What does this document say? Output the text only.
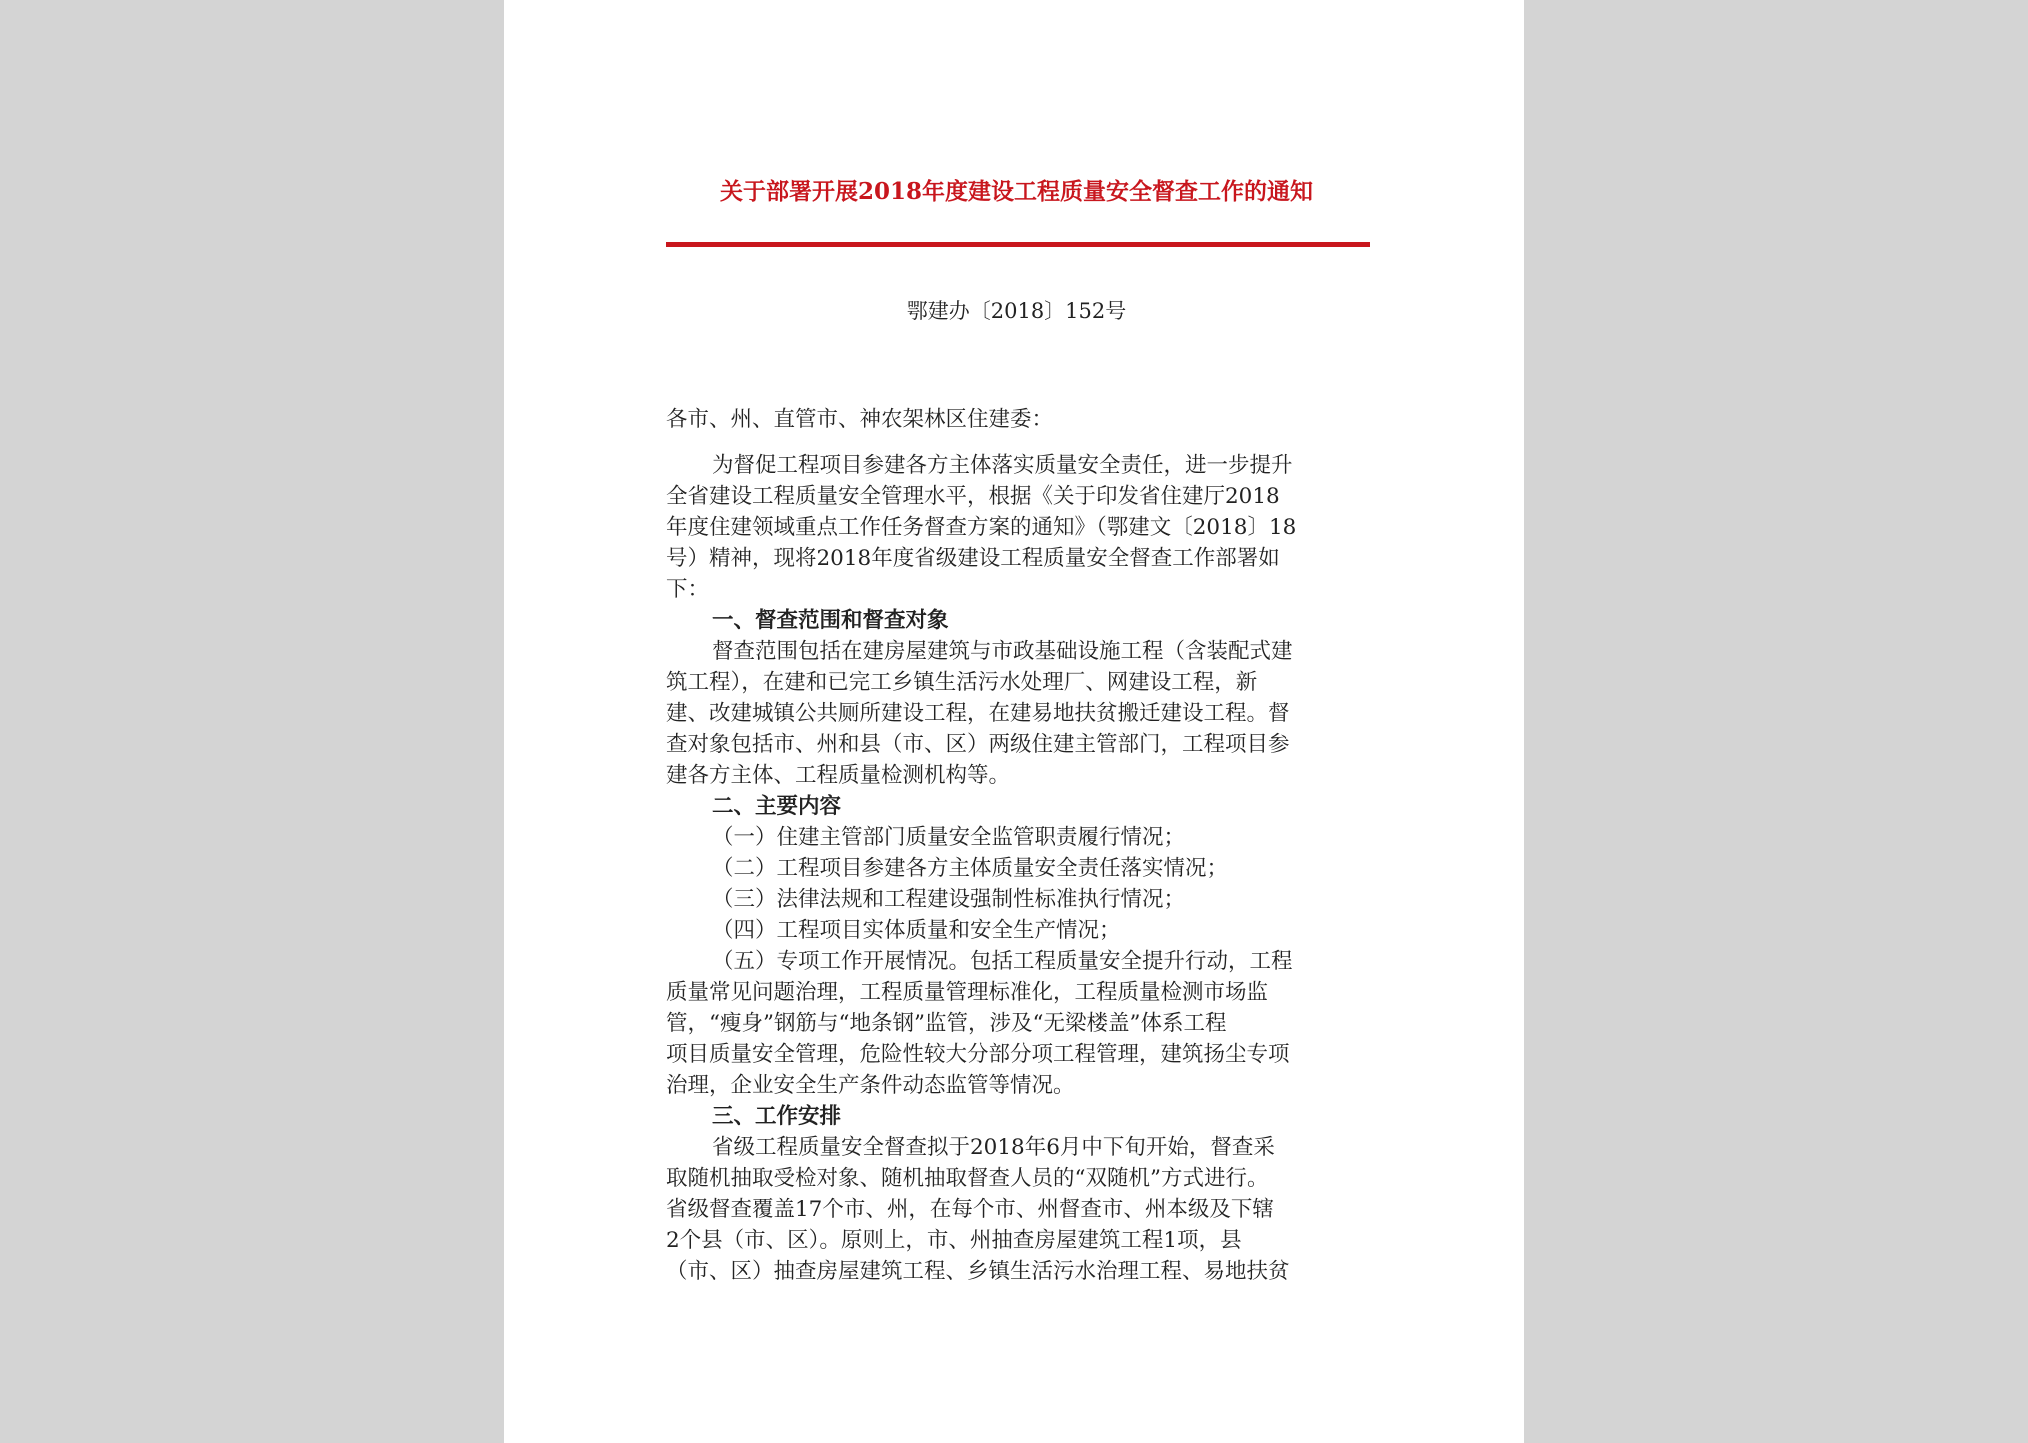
关于部署开展2018年度建设工程质量安全督查工作的通知
鄂建办〔2018〕152号
各市、州、直管市、神农架林区住建委：
为督促工程项目参建各方主体落实质量安全责任，进一步提升
全省建设工程质量安全管理水平，根据《关于印发省住建厅2018
年度住建领域重点工作任务督查方案的通知》（鄂建文〔2018〕18
号）精神，现将2018年度省级建设工程质量安全督查工作部署如
下：
一、督查范围和督查对象
督查范围包括在建房屋建筑与市政基础设施工程（含装配式建
筑工程），在建和已完工乡镇生活污水处理厂、网建设工程，新
建、改建城镇公共厕所建设工程，在建易地扶贫搬迁建设工程。督
查对象包括市、州和县（市、区）两级住建主管部门，工程项目参
建各方主体、工程质量检测机构等。
二、主要内容
（一）住建主管部门质量安全监管职责履行情况；
（二）工程项目参建各方主体质量安全责任落实情况；
（三）法律法规和工程建设强制性标准执行情况；
（四）工程项目实体质量和安全生产情况；
（五）专项工作开展情况。包括工程质量安全提升行动，工程
质量常见问题治理，工程质量管理标准化，工程质量检测市场监
管，“瘦身”钢筋与“地条钢”监管，涉及“无梁楼盖”体系工程
项目质量安全管理，危险性较大分部分项工程管理，建筑扬尘专项
治理，企业安全生产条件动态监管等情况。
三、工作安排
省级工程质量安全督查拟于2018年6月中下旬开始，督查采
取随机抽取受检对象、随机抽取督查人员的“双随机”方式进行。
省级督查覆盖17个市、州，在每个市、州督查市、州本级及下辖
2个县（市、区）。原则上，市、州抽查房屋建筑工程1项，县
（市、区）抽查房屋建筑工程、乡镇生活污水治理工程、易地扶贫
